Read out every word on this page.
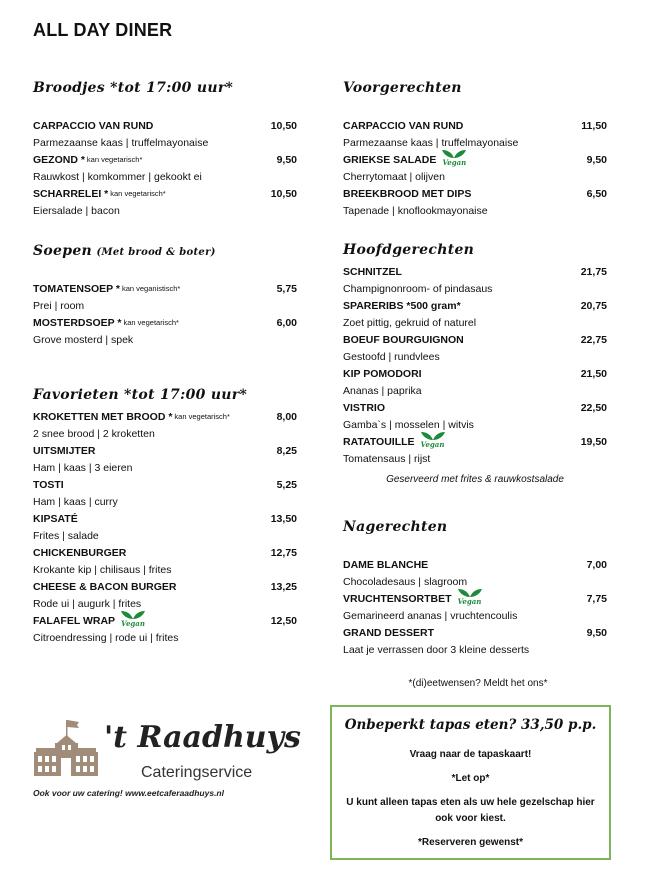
ALL DAY DINER
Broodjes *tot 17:00 uur*
CARPACCIO VAN RUND	10,50
Parmezaanse kaas | truffelmayonaise
GEZOND * kan vegetarisch*	9,50
Rauwkost | komkommer | gekookt ei
SCHARRELEI * kan vegetarisch*	10,50
Eiersalade | bacon
Soepen (Met brood & boter)
TOMATENSOEP * kan veganistisch*	5,75
Prei | room
MOSTERDSOEP * kan vegetarisch*	6,00
Grove mosterd | spek
Favorieten *tot 17:00 uur*
KROKETTEN MET BROOD * kan vegetarisch*	8,00
2 snee brood | 2 kroketten
UITSMIJTER	8,25
Ham | kaas | 3 eieren
TOSTI	5,25
Ham | kaas | curry
KIPSATÉ	13,50
Frites | salade
CHICKENBURGER	12,75
Krokante kip | chilisaus | frites
CHEESE & BACON BURGER	13,25
Rode ui | augurk | frites
FALAFEL WRAP Vegan	12,50
Citroendressing | rode ui | frites
Voorgerechten
CARPACCIO VAN RUND	11,50
Parmezaanse kaas | truffelmayonaise
GRIEKSE SALADE Vegan	9,50
Cherrytomaat | olijven
BREEKBROOD MET DIPS	6,50
Tapenade | knoflookmayonaise
Hoofdgerechten
SCHNITZEL	21,75
Champignonroom- of pindasaus
SPARERIBS *500 gram*	20,75
Zoet pittig, gekruid of naturel
BOEUF BOURGUIGNON	22,75
Gestoofd | rundvlees
KIP POMODORI	21,50
Ananas | paprika
VISTRIO	22,50
Gamba`s | mosselen | witvis
RATATOUILLE Vegan	19,50
Tomatensaus | rijst
Geserveerd met frites & rauwkostsalade
Nagerechten
DAME BLANCHE	7,00
Chocoladesaus | slagroom
VRUCHTENSORTBET Vegan	7,75
Gemarineerd ananas | vruchtencoulis
GRAND DESSERT	9,50
Laat je verrassen door 3 kleine desserts
*(di)eetwensen? Meldt het ons*
Onbeperkt tapas eten? 33,50 p.p.
Vraag naar de tapaskaart!
*Let op*
U kunt alleen tapas eten als uw hele gezelschap hier ook voor kiest.
*Reserveren gewenst*
't Raadhuys
Cateringservice
Ook voor uw catering! www.eetcaferaadhuys.nl
